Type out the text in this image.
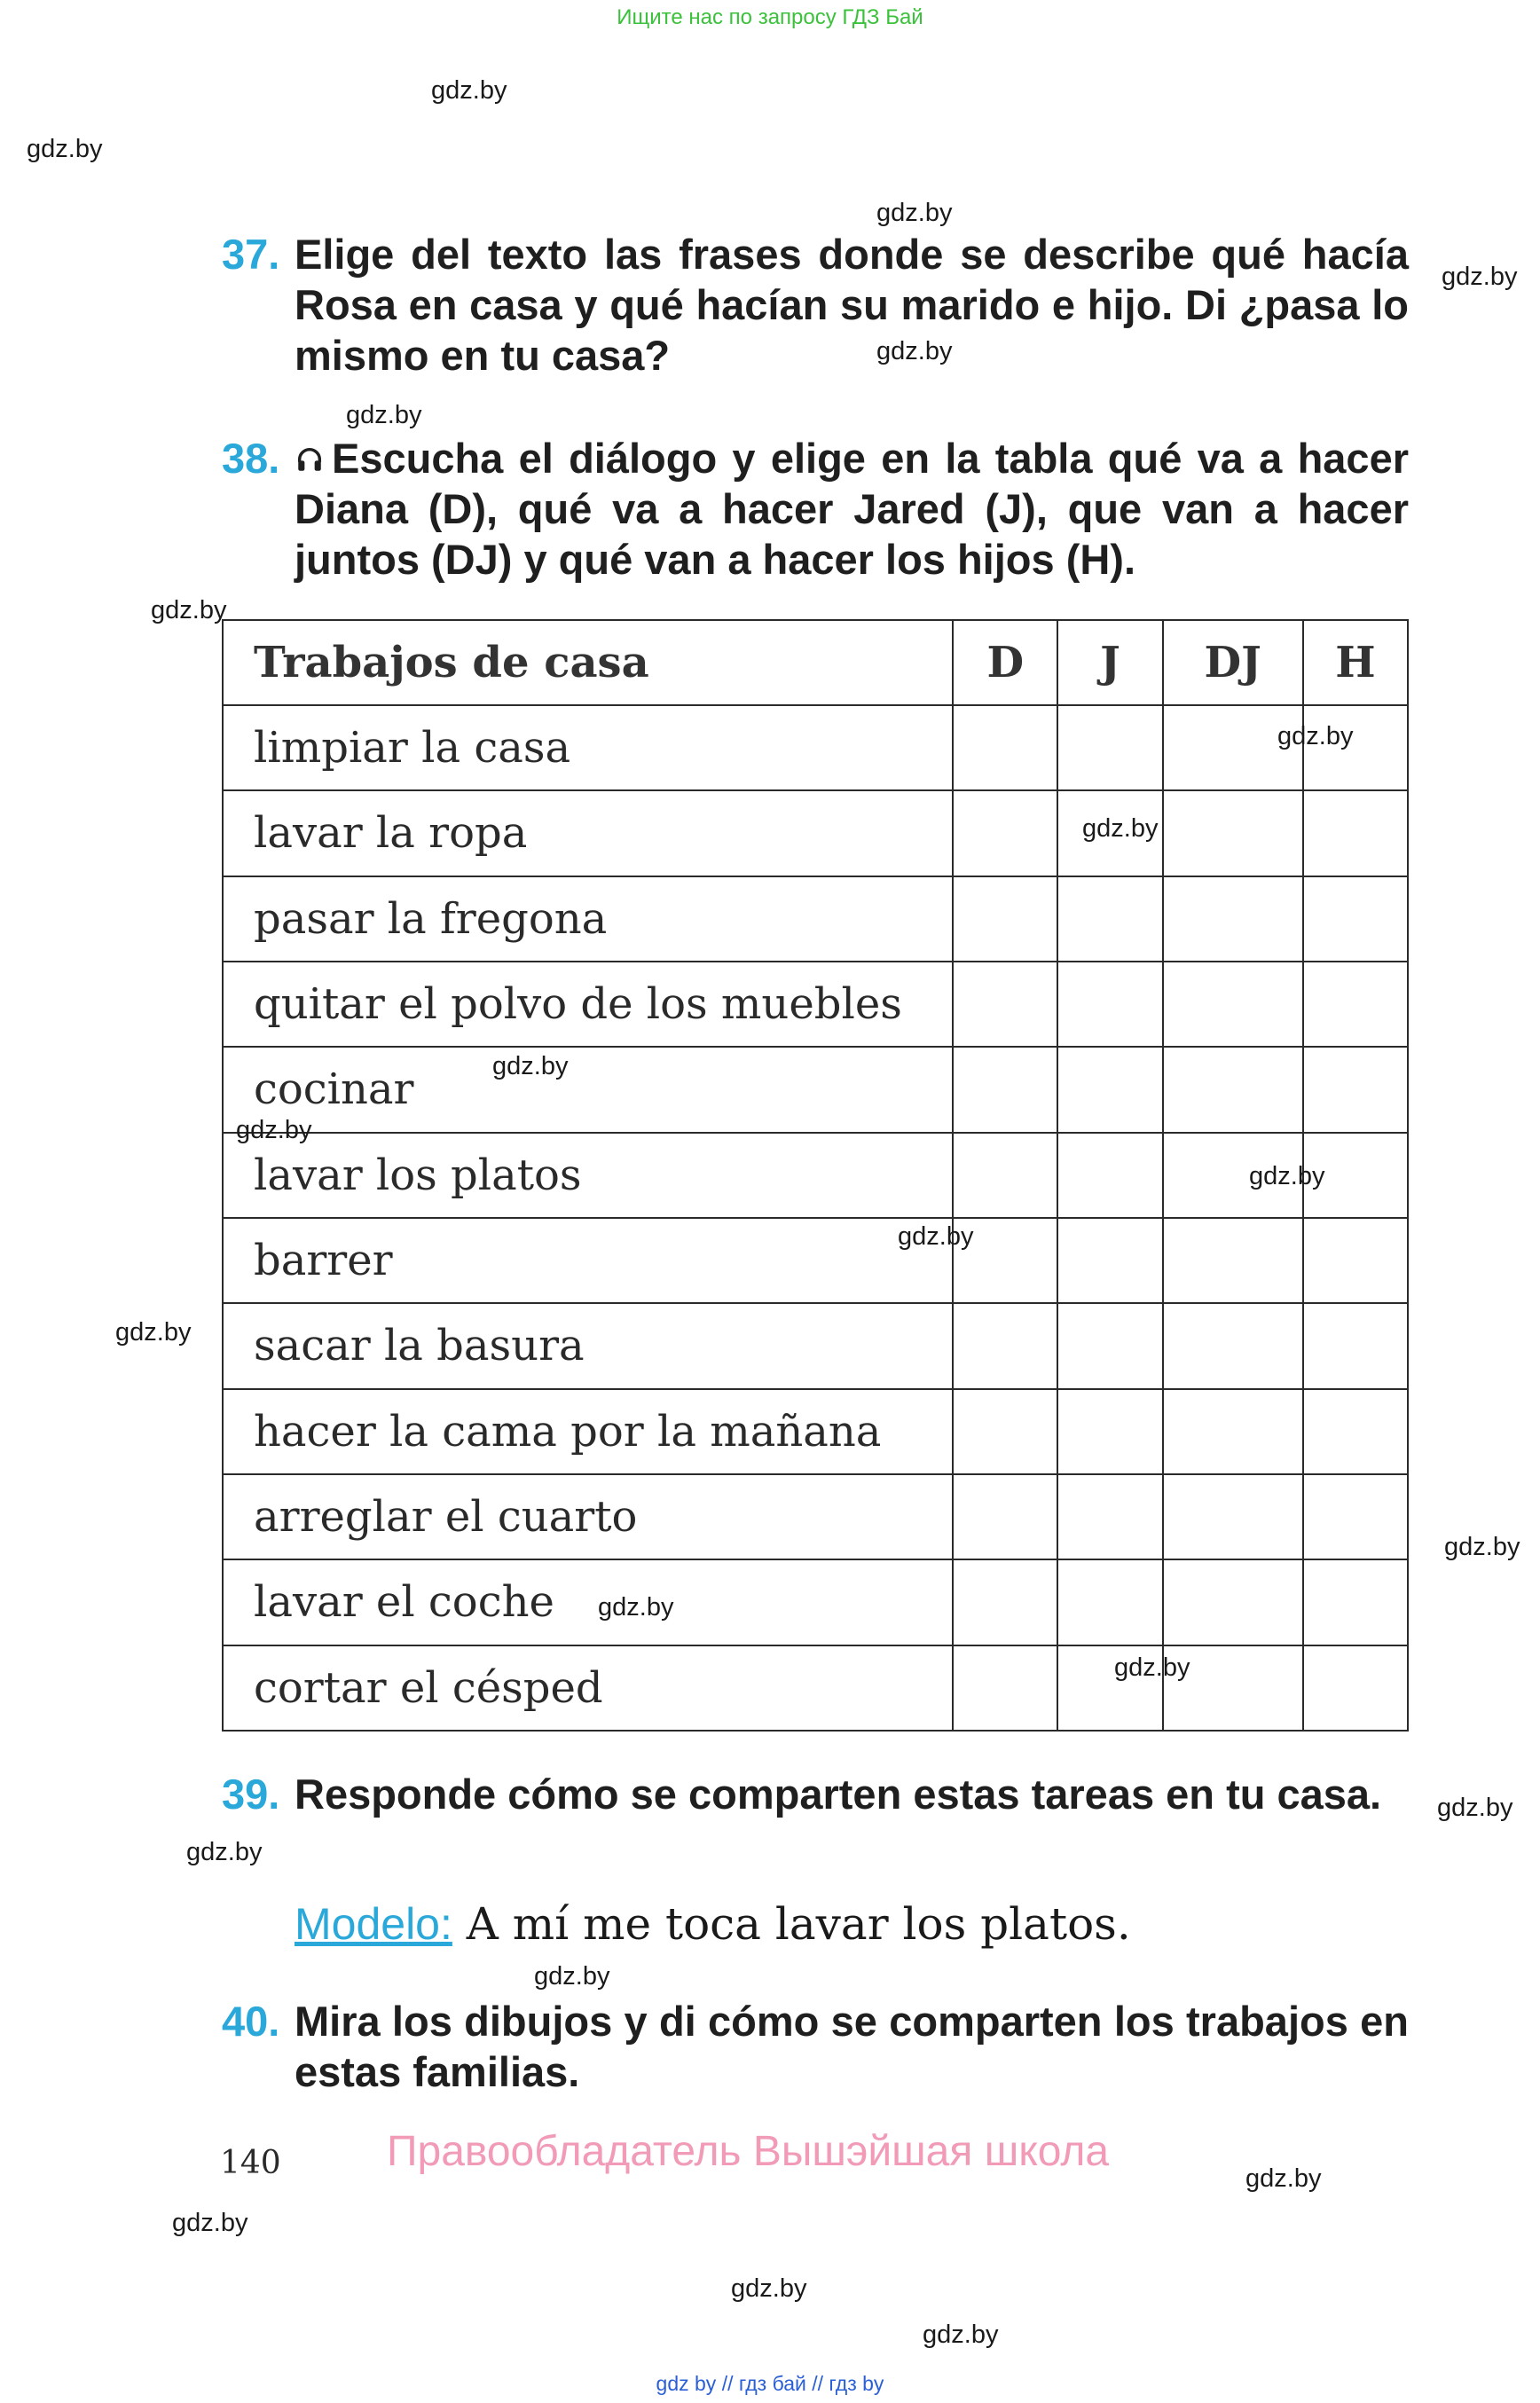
Ищите нас по запросу ГДЗ Бай
gdz.by
gdz.by
gdz.by
gdz.by
gdz.by
gdz.by
gdz.by
37. Elige del texto las frases donde se describe qué hacía Rosa en casa y qué hacían su marido e hijo. Di ¿pasa lo mismo en tu casa?
38.	Escucha el diálogo y elige en la tabla qué va a hacer Diana (D), qué va a hacer Jared (J), que van a hacer juntos (DJ) y qué van a hacer los hijos (H).
Trabajos de casa	D	J	DJ	H
limpiar la casa				
lavar la ropa				
pasar la fregona				
quitar el polvo de los muebles				
cocinar				
lavar los platos				
barrer				
sacar la basura				
hacer la cama por la mañana				
arreglar el cuarto				
lavar el coche				
cortar el césped				
gdz.by
gdz.by
gdz.by
gdz.by
gdz.by
gdz.by
gdz.by
gdz.by
gdz.by
gdz.by
39. Responde cómo se comparten estas tareas en tu casa.	gdz.by
gdz.by
Modelo: A mí me toca lavar los platos.
gdz.by
40. Mira los dibujos y di cómo se comparten los trabajos en estas familias.
140 Правообладатель Вышэйшая школа
gdz.by
gdz.by
gdz.by
gdz.by
gdz by // гдз бай // гдз by
